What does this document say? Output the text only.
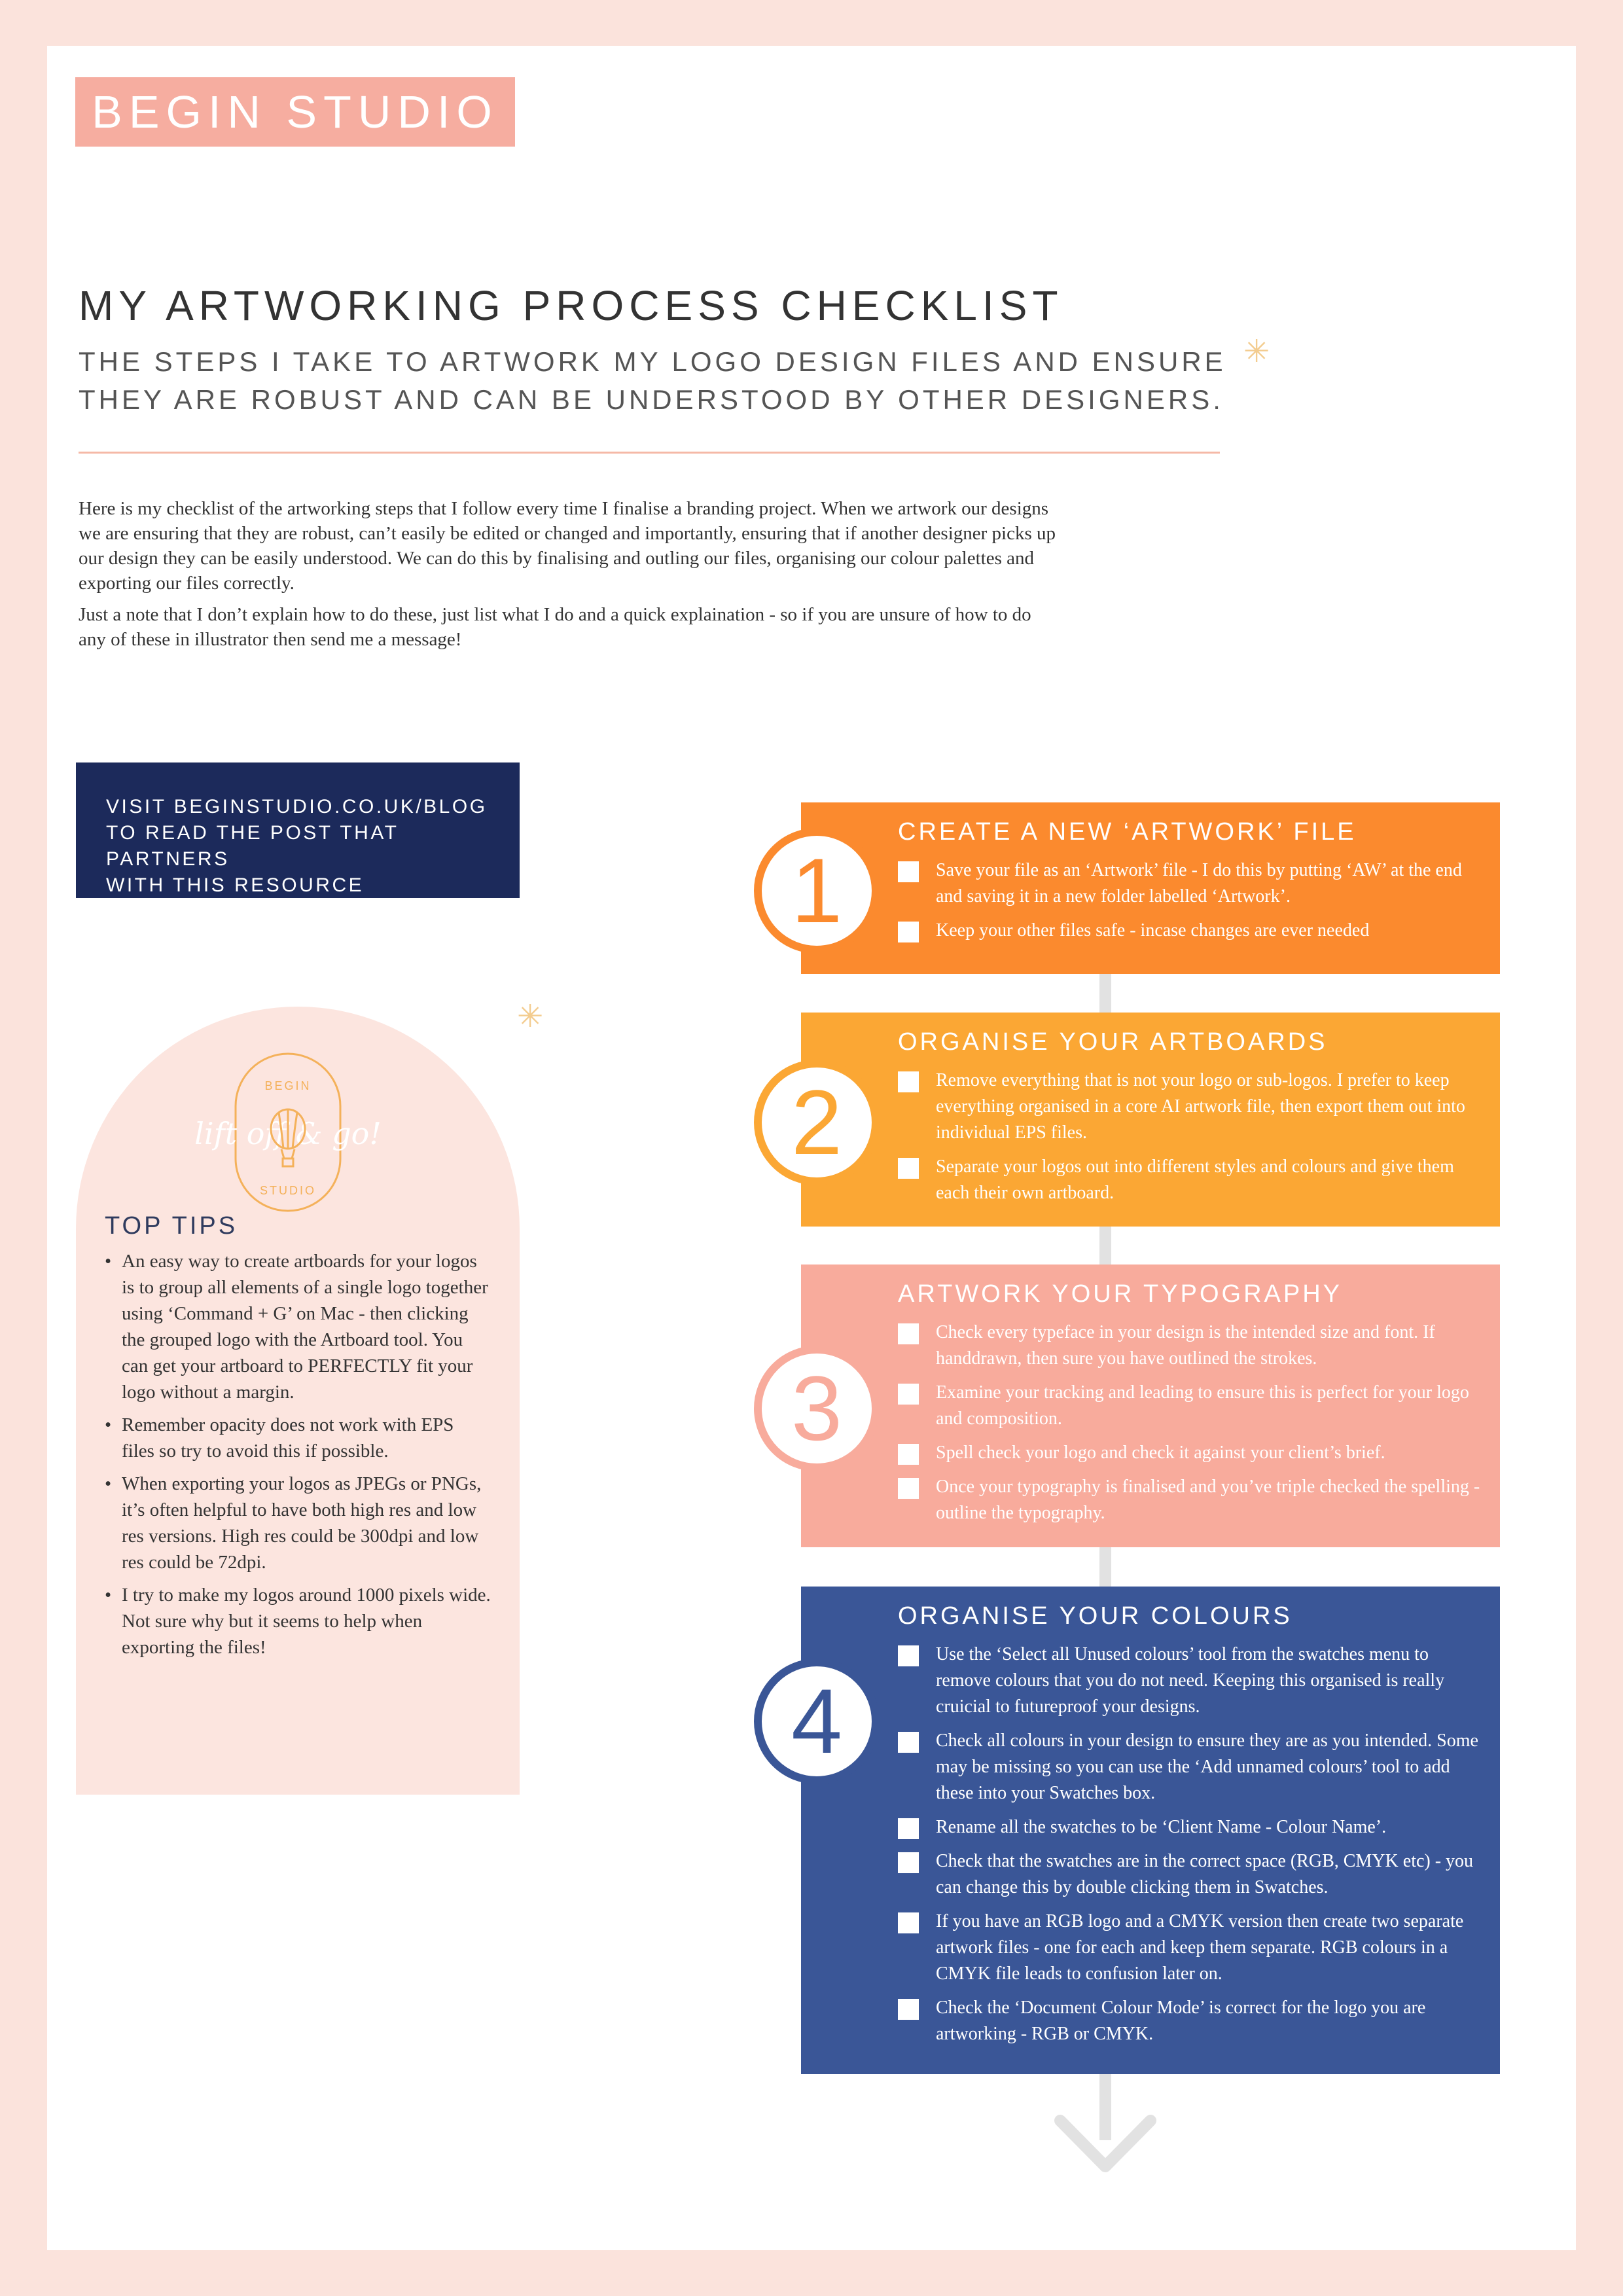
BEGIN STUDIO
MY ARTWORKING PROCESS CHECKLIST
THE STEPS I TAKE TO ARTWORK MY LOGO DESIGN FILES AND ENSURE THEY ARE ROBUST AND CAN BE UNDERSTOOD BY OTHER DESIGNERS.
✳

Here is my checklist of the artworking steps that I follow every time I finalise a branding project. When we artwork our designs we are ensuring that they are robust, can’t easily be edited or changed and importantly, ensuring that if another designer picks up our design they can be easily understood. We can do this by finalising and outling our files, organising our colour palettes and exporting our files correctly.

Just a note that I don’t explain how to do these, just list what I do and a quick explaination - so if you are unsure of how to do any of these in illustrator then send me a message!

VISIT BEGINSTUDIO.CO.UK/BLOG
TO READ THE POST THAT PARTNERS
WITH THIS RESOURCE
✳
BEGIN
STUDIO
lift off & go!
TOP TIPS
• An easy way to create artboards for your logos is to group all elements of a single logo together using ‘Command + G’ on Mac - then clicking the grouped logo with the Artboard tool. You can get your artboard to PERFECTLY fit your logo without a margin.
• Remember opacity does not work with EPS files so try to avoid this if possible.
• When exporting your logos as JPEGs or PNGs, it’s often helpful to have both high res and low res versions. High res could be 300dpi and low res could be 72dpi.
• I try to make my logos around 1000 pixels wide. Not sure why but it seems to help when exporting the files!
1
CREATE A NEW ‘ARTWORK’ FILE
Save your file as an ‘Artwork’ file - I do this by putting ‘AW’ at the end and saving it in a new folder labelled ‘Artwork’.
Keep your other files safe - incase changes are ever needed
2
ORGANISE YOUR ARTBOARDS
Remove everything that is not your logo or sub-logos. I prefer to keep everything organised in a core AI artwork file, then export them out into individual EPS files.
Separate your logos out into different styles and colours and give them each their own artboard.
3
ARTWORK YOUR TYPOGRAPHY
Check every typeface in your design is the intended size and font. If handdrawn, then sure you have outlined the strokes.
Examine your tracking and leading to ensure this is perfect for your logo and composition.
Spell check your logo and check it against your client’s brief.
Once your typography is finalised and you’ve triple checked the spelling - outline the typography.
4
ORGANISE YOUR COLOURS
Use the ‘Select all Unused colours’ tool from the swatches menu to remove colours that you do not need. Keeping this organised is really cruicial to futureproof your designs.
Check all colours in your design to ensure they are as you intended. Some may be missing so you can use the ‘Add unnamed colours’ tool to add these into your Swatches box.
Rename all the swatches to be ‘Client Name - Colour Name’.
Check that the swatches are in the correct space (RGB, CMYK etc) - you can change this by double clicking them in Swatches.
If you have an RGB logo and a CMYK version then create two separate artwork files - one for each and keep them separate. RGB colours in a CMYK file leads to confusion later on.
Check the ‘Document Colour Mode’ is correct for the logo you are artworking - RGB or CMYK.
